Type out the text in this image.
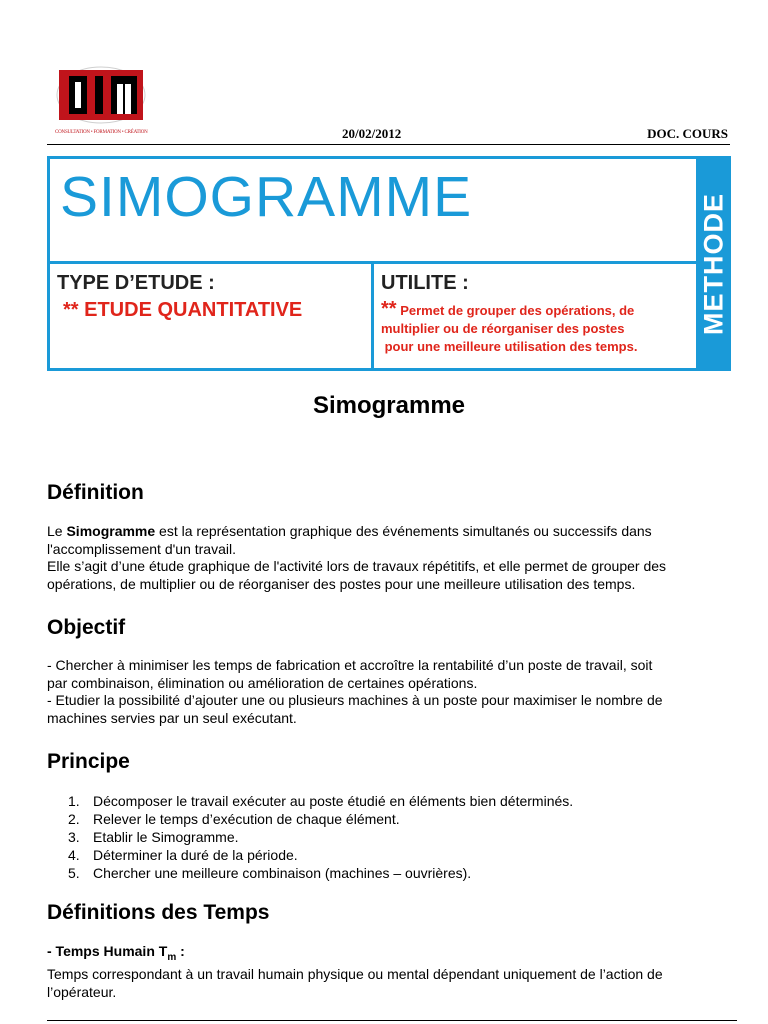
CONSULTATION • FORMATION • CRÉATION	20/02/2012	DOC. COURS
SIMOGRAMME	METHODE
TYPE D’ETUDE :
** ETUDE QUANTITATIVE
UTILITE :
** Permet de grouper des opérations, de
multiplier ou de réorganiser des postes
pour une meilleure utilisation des temps.
Simogramme
Définition
Le Simogramme est la représentation graphique des événements simultanés ou successifs dans
l'accomplissement d'un travail.
Elle s’agit d’une étude graphique de l'activité lors de travaux répétitifs, et elle permet de grouper des
opérations, de multiplier ou de réorganiser des postes pour une meilleure utilisation des temps.
Objectif
- Chercher à minimiser les temps de fabrication et accroître la rentabilité d’un poste de travail, soit
par combinaison, élimination ou amélioration de certaines opérations.
- Etudier la possibilité d’ajouter une ou plusieurs machines à un poste pour maximiser le nombre de
machines servies par un seul exécutant.
Principe
1. Décomposer le travail exécuter au poste étudié en éléments bien déterminés.
2. Relever le temps d’exécution de chaque élément.
3. Etablir le Simogramme.
4. Déterminer la duré de la période.
5. Chercher une meilleure combinaison (machines – ouvrières).
Définitions des Temps
- Temps Humain $T_m$ :
Temps correspondant à un travail humain physique ou mental dépendant uniquement de l’action de
l’opérateur.
